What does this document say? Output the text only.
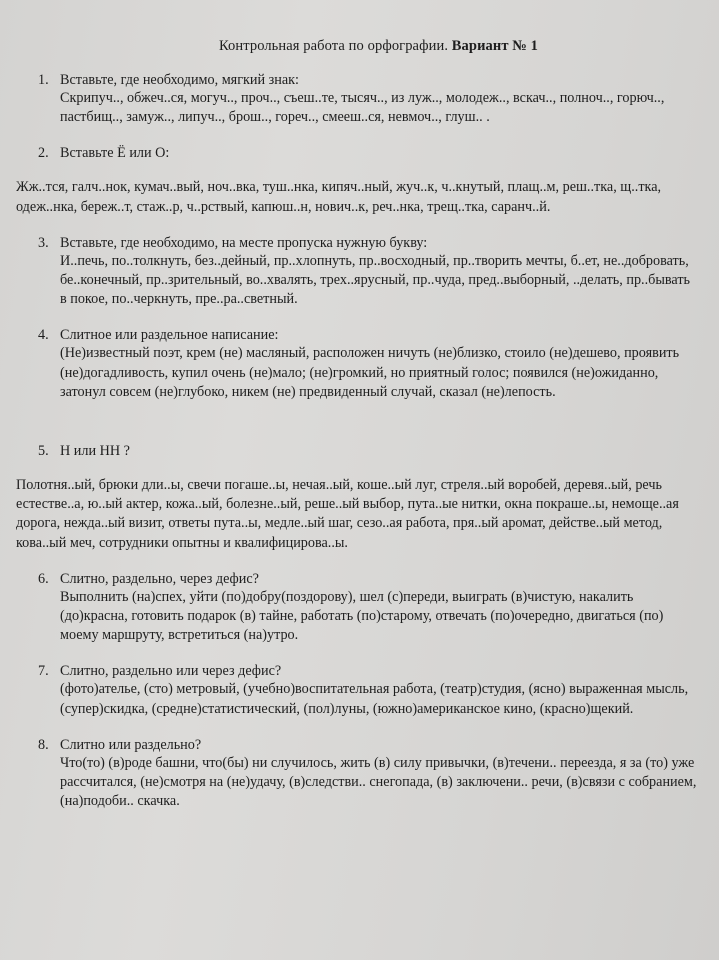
Контрольная работа по орфографии. Вариант № 1
1. Вставьте, где необходимо, мягкий знак:
Скрипуч.., обжеч..ся, могуч.., проч.., съеш..те, тысяч.., из луж.., молодеж.., вскач.., полноч.., горюч.., пастбищ.., замуж.., липуч.., брош.., гореч.., смееш..ся, невмоч.., глуш.. .
2. Вставьте Ё или О:
Жж..тся, галч..нок, кумач..вый, ноч..вка, туш..нка, кипяч..ный, жуч..к, ч..кнутый, плащ..м, реш..тка, щ..тка, одеж..нка, береж..т, стаж..р, ч..рствый, капюш..н, нович..к, реч..нка, трещ..тка, саранч..й.
3. Вставьте, где необходимо, на месте пропуска нужную букву:
И..печь, по..толкнуть, без..дейный, пр..хлопнуть, пр..восходный, пр..творить мечты, б..ет, не..добровать, бе..конечный, пр..зрительный, во..хвалять, трех..ярусный, пр..чуда, пред..выборный, ..делать, пр..бывать в покое, по..черкнуть, пре..ра..светный.
4. Слитное или раздельное написание:
(Не)известный поэт, крем (не) масляный, расположен ничуть (не)близко, стоило (не)дешево, проявить (не)догадливость, купил очень (не)мало; (не)громкий, но приятный голос; появился (не)ожиданно, затонул совсем (не)глубоко, никем (не) предвиденный случай, сказал (не)лепость.
5. Н или НН ?
Полотня..ый, брюки дли..ы, свечи погаше..ы, нечая..ый, коше..ый луг, стреля..ый воробей, деревя..ый, речь естестве..а, ю..ый актер, кожа..ый, болезне..ый, реше..ый выбор, пута..ые нитки, окна покраше..ы, немоще..ая дорога, нежда..ый визит, ответы пута..ы, медле..ый шаг, сезо..ая работа, пря..ый аромат, действе..ый метод, кова..ый меч, сотрудники опытны и квалифицирова..ы.
6. Слитно, раздельно, через дефис?
Выполнить (на)спех, уйти (по)добру(поздорову), шел (с)переди, выиграть (в)чистую, накалить (до)красна, готовить подарок (в) тайне, работать (по)старому, отвечать (по)очередно, двигаться (по) моему маршруту, встретиться (на)утро.
7. Слитно, раздельно или через дефис?
(фото)ателье, (сто) метровый, (учебно)воспитательная работа, (театр)студия, (ясно) выраженная мысль,(супер)скидка, (средне)статистический, (пол)луны, (южно)американское кино, (красно)щекий.
8. Слитно или раздельно?
Что(то) (в)роде башни, что(бы) ни случилось, жить (в) силу привычки, (в)течени.. переезда, я за (то) уже рассчитался, (не)смотря на (не)удачу, (в)следстви.. снегопада, (в) заключени.. речи, (в)связи с собранием, (на)подоби.. скачка.
